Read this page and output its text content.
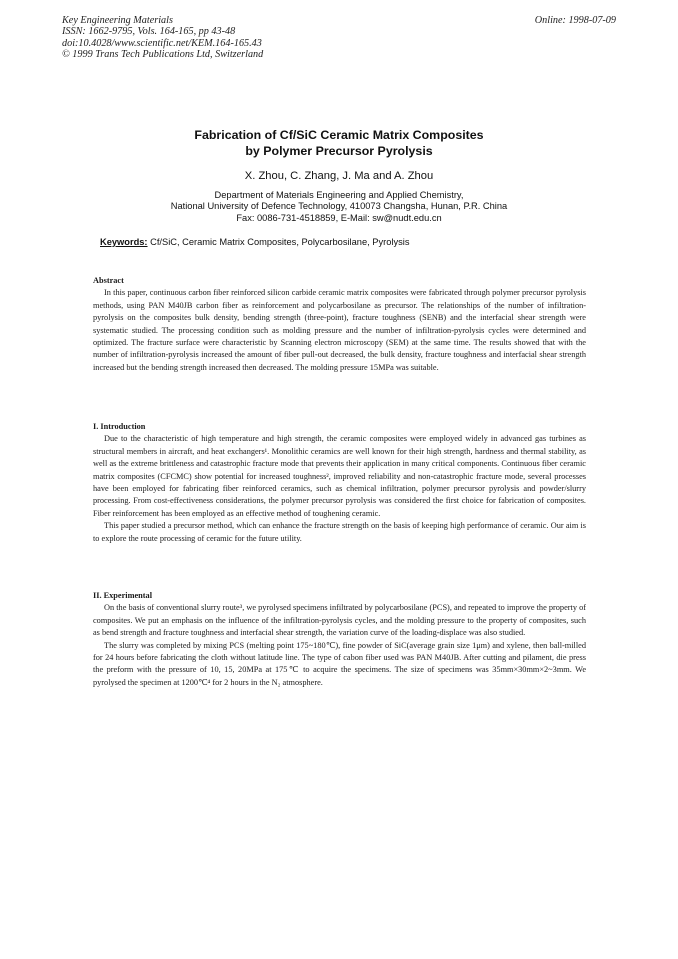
Key Engineering Materials
ISSN: 1662-9795, Vols. 164-165, pp 43-48
doi:10.4028/www.scientific.net/KEM.164-165.43
© 1999 Trans Tech Publications Ltd, Switzerland
Online: 1998-07-09
Fabrication of Cf/SiC Ceramic Matrix Composites
by Polymer Precursor Pyrolysis
X. Zhou, C. Zhang, J. Ma and A. Zhou
Department of Materials Engineering and Applied Chemistry,
National University of Defence Technology, 410073 Changsha, Hunan, P.R. China
Fax: 0086-731-4518859, E-Mail: sw@nudt.edu.cn
Keywords: Cf/SiC, Ceramic Matrix Composites, Polycarbosilane, Pyrolysis
Abstract

In this paper, continuous carbon fiber reinforced silicon carbide ceramic matrix composites were fabricated through polymer precursor pyrolysis methods, using PAN M40JB carbon fiber as reinforcement and polycarbosilane as precursor. The relationships of the number of infiltration-pyrolysis on the composites bulk density, bending strength (three-point), fracture toughness (SENB) and the interfacial shear strength were systematic studied. The processing condition such as molding pressure and the number of infiltration-pyrolysis cycles were determined and optimized. The fracture surface were characteristic by Scanning electron microscopy (SEM) at the same time. The results showed that with the number of infiltration-pyrolysis increased the amount of fiber pull-out decreased, the bulk density, fracture toughness and interfacial shear strength increased but the bending strength increased then decreased. The molding pressure 15MPa was suitable.

I. Introduction

Due to the characteristic of high temperature and high strength, the ceramic composites were employed widely in advanced gas turbines as structural members in aircraft, and heat exchangers¹. Monolithic ceramics are well known for their high strength, hardness and thermal stability, as well as the extreme brittleness and catastrophic fracture mode that prevents their application in many critical components. Continuous fiber ceramic matrix composites (CFCMC) show potential for increased toughness², improved reliability and non-catastrophic fracture mode, several processes have been employed for fabricating fiber reinforced ceramics, such as chemical infiltration, polymer precursor pyrolysis and powder/slurry processing. From cost-effectiveness considerations, the polymer precursor pyrolysis was considered the first choice for fabrication of composites. Fiber reinforcement has been employed as an effective method of toughening ceramic.

This paper studied a precursor method, which can enhance the fracture strength on the basis of keeping high performance of ceramic. Our aim is to explore the route processing of ceramic for the future utility.

II. Experimental

On the basis of conventional slurry route³, we pyrolysed specimens infiltrated by polycarbosilane (PCS), and repeated to improve the property of composites. We put an emphasis on the influence of the infiltration-pyrolysis cycles, and the molding pressure to the property of composites, such as bend strength and fracture toughness and interfacial shear strength, the variation curve of the loading-displace was also studied.

The slurry was completed by mixing PCS (melting point 175~180℃), fine powder of SiC(average grain size 1μm) and xylene, then ball-milled for 24 hours before fabricating the cloth without latitude line. The type of cabon fiber used was PAN M40JB. After cutting and pilament, die press the preform with the pressure of 10, 15, 20MPa at 175℃ to acquire the specimens. The size of specimens was 35mm×30mm×2~3mm. We pyrolysed the specimen at 1200℃⁴ for 2 hours in the N₂ atmosphere.
